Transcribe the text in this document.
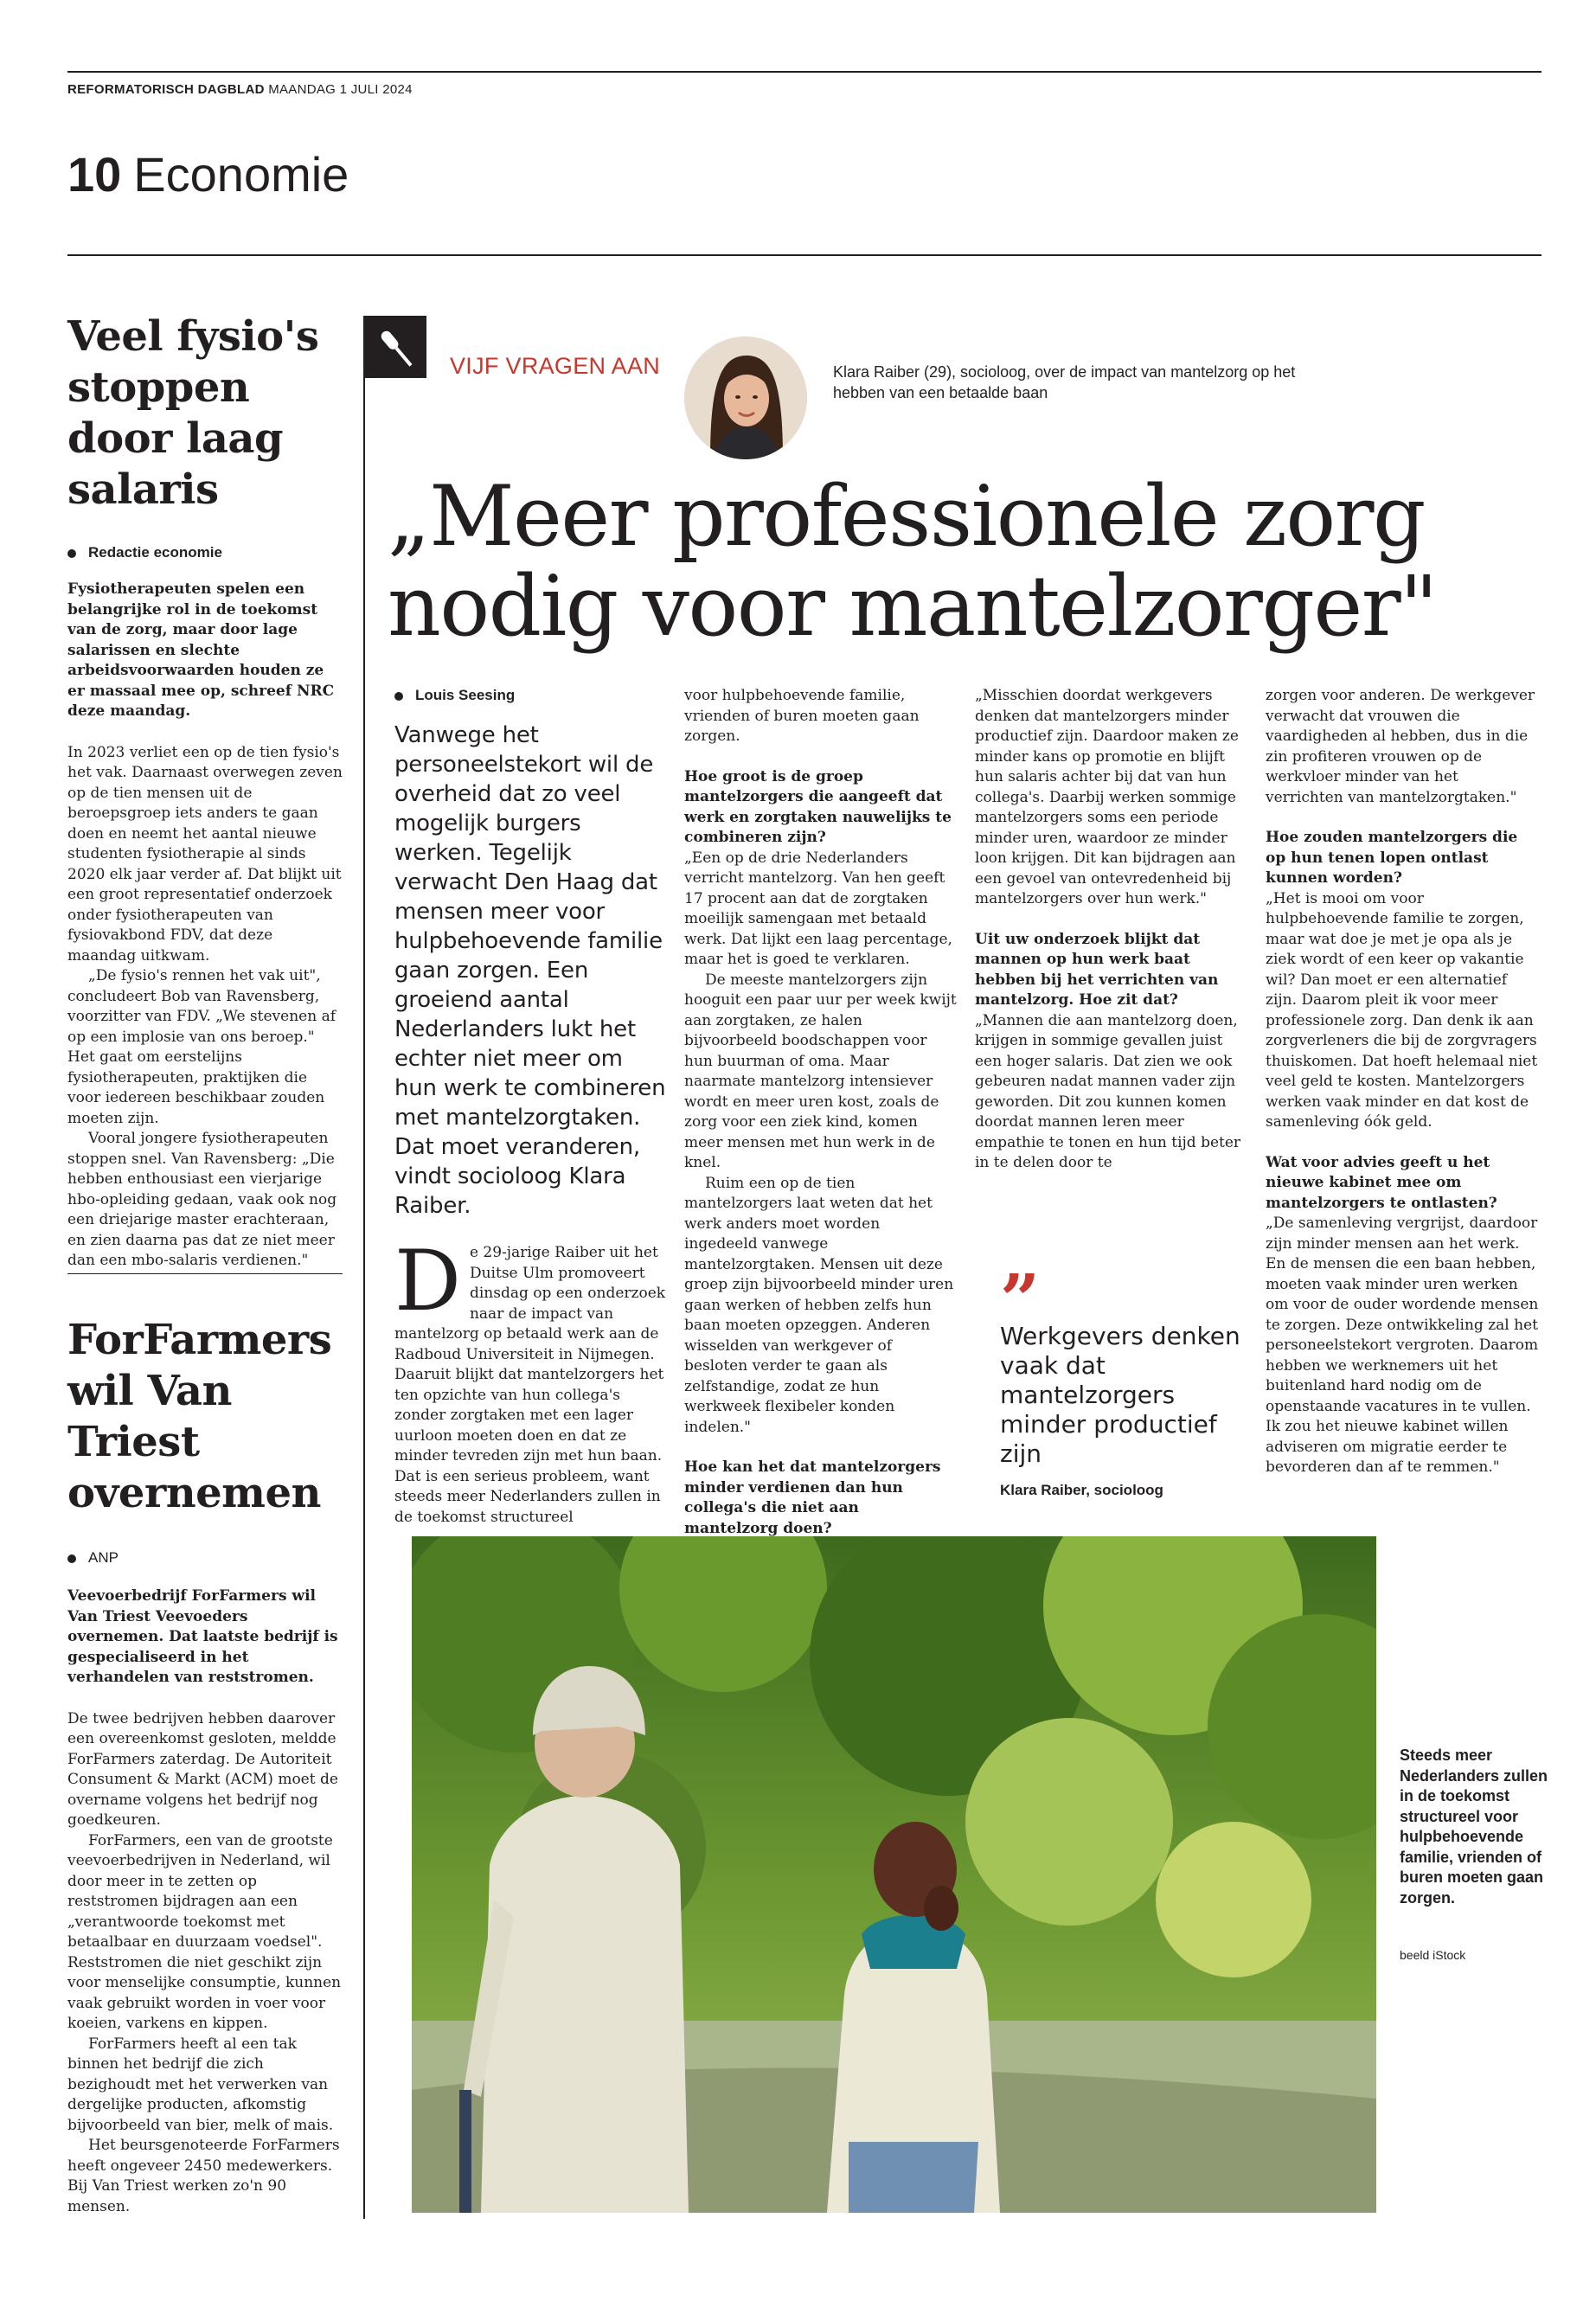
REFORMATORISCH DAGBLAD MAANDAG 1 JULI 2024
10 Economie
Veel fysio's stoppen door laag salaris
Redactie economie

Fysiotherapeuten spelen een belangrijke rol in de toekomst van de zorg, maar door lage salarissen en slechte arbeidsvoorwaarden houden ze er massaal mee op, schreef NRC deze maandag.

In 2023 verliet een op de tien fysio's het vak. Daarnaast overwegen zeven op de tien mensen uit de beroepsgroep iets anders te gaan doen en neemt het aantal nieuwe studenten fysiotherapie al sinds 2020 elk jaar verder af. Dat blijkt uit een groot representatief onderzoek onder fysiotherapeuten van fysiovakbond FDV, dat deze maandag uitkwam.

„De fysio's rennen het vak uit", concludeert Bob van Ravensberg, voorzitter van FDV. „We stevenen af op een implosie van ons beroep." Het gaat om eerstelijns fysiotherapeuten, praktijken die voor iedereen beschikbaar zouden moeten zijn.

Vooral jongere fysiotherapeuten stoppen snel. Van Ravensberg: „Die hebben enthousiast een vierjarige hbo-opleiding gedaan, vaak ook nog een driejarige master erachteraan, en zien daarna pas dat ze niet meer dan een mbo-salaris verdienen."

ForFarmers wil Van Triest overnemen
ANP

Veevoerbedrijf ForFarmers wil Van Triest Veevoeders overnemen. Dat laatste bedrijf is gespecialiseerd in het verhandelen van reststromen.

De twee bedrijven hebben daarover een overeenkomst gesloten, meldde ForFarmers zaterdag. De Autoriteit Consument & Markt (ACM) moet de overname volgens het bedrijf nog goedkeuren.

ForFarmers, een van de grootste veevoerbedrijven in Nederland, wil door meer in te zetten op reststromen bijdragen aan een „verantwoorde toekomst met betaalbaar en duurzaam voedsel". Reststromen die niet geschikt zijn voor menselijke consumptie, kunnen vaak gebruikt worden in voer voor koeien, varkens en kippen.

ForFarmers heeft al een tak binnen het bedrijf die zich bezighoudt met het verwerken van dergelijke producten, afkomstig bijvoorbeeld van bier, melk of mais.

Het beursgenoteerde ForFarmers heeft ongeveer 2450 medewerkers. Bij Van Triest werken zo'n 90 mensen.

VIJF VRAGEN AAN	Klara Raiber (29), socioloog, over de impact van mantelzorg op het hebben van een betaalde baan
„Meer professionele zorg nodig voor mantelzorger"
Louis Seesing

Vanwege het personeelstekort wil de overheid dat zo veel mogelijk burgers werken. Tegelijk verwacht Den Haag dat mensen meer voor hulpbehoevende familie gaan zorgen. Een groeiend aantal Nederlanders lukt het echter niet meer om hun werk te combineren met mantelzorgtaken. Dat moet veranderen, vindt socioloog Klara Raiber.

De 29-jarige Raiber uit het Duitse Ulm promoveert dinsdag op een onderzoek naar de impact van mantelzorg op betaald werk aan de Radboud Universiteit in Nijmegen. Daaruit blijkt dat mantelzorgers het ten opzichte van hun collega's zonder zorgtaken met een lager uurloon moeten doen en dat ze minder tevreden zijn met hun baan. Dat is een serieus probleem, want steeds meer Nederlanders zullen in de toekomst structureel

voor hulpbehoevende familie, vrienden of buren moeten gaan zorgen.

Hoe groot is de groep mantelzorgers die aangeeft dat werk en zorgtaken nauwelijks te combineren zijn?

„Een op de drie Nederlanders verricht mantelzorg. Van hen geeft 17 procent aan dat de zorgtaken moeilijk samengaan met betaald werk. Dat lijkt een laag percentage, maar het is goed te verklaren.

De meeste mantelzorgers zijn hooguit een paar uur per week kwijt aan zorgtaken, ze halen bijvoorbeeld boodschappen voor hun buurman of oma. Maar naarmate mantelzorg intensiever wordt en meer uren kost, zoals de zorg voor een ziek kind, komen meer mensen met hun werk in de knel.

Ruim een op de tien mantelzorgers laat weten dat het werk anders moet worden ingedeeld vanwege mantelzorgtaken. Mensen uit deze groep zijn bijvoorbeeld minder uren gaan werken of hebben zelfs hun baan moeten opzeggen. Anderen wisselden van werkgever of besloten verder te gaan als zelfstandige, zodat ze hun werkweek flexibeler konden indelen."

Hoe kan het dat mantelzorgers minder verdienen dan hun collega's die niet aan mantelzorg doen?

„Misschien doordat werkgevers denken dat mantelzorgers minder productief zijn. Daardoor maken ze minder kans op promotie en blijft hun salaris achter bij dat van hun collega's. Daarbij werken sommige mantelzorgers soms een periode minder uren, waardoor ze minder loon krijgen. Dit kan bijdragen aan een gevoel van ontevredenheid bij mantelzorgers over hun werk."

Uit uw onderzoek blijkt dat mannen op hun werk baat hebben bij het verrichten van mantelzorg. Hoe zit dat?

„Mannen die aan mantelzorg doen, krijgen in sommige gevallen juist een hoger salaris. Dat zien we ook gebeuren nadat mannen vader zijn geworden. Dit zou kunnen komen doordat mannen leren meer empathie te tonen en hun tijd beter in te delen door te

”

Werkgevers denken vaak dat mantelzorgers minder productief zijn

Klara Raiber, socioloog

zorgen voor anderen. De werkgever verwacht dat vrouwen die vaardigheden al hebben, dus in die zin profiteren vrouwen op de werkvloer minder van het verrichten van mantelzorgtaken."

Hoe zouden mantelzorgers die op hun tenen lopen ontlast kunnen worden?

„Het is mooi om voor hulpbehoevende familie te zorgen, maar wat doe je met je opa als je ziek wordt of een keer op vakantie wil? Dan moet er een alternatief zijn. Daarom pleit ik voor meer professionele zorg. Dan denk ik aan zorgverleners die bij de zorgvragers thuiskomen. Dat hoeft helemaal niet veel geld te kosten. Mantelzorgers werken vaak minder en dat kost de samenleving óók geld.

Wat voor advies geeft u het nieuwe kabinet mee om mantelzorgers te ontlasten?

„De samenleving vergrijst, daardoor zijn minder mensen aan het werk. En de mensen die een baan hebben, moeten vaak minder uren werken om voor de ouder wordende mensen te zorgen. Deze ontwikkeling zal het personeelstekort vergroten. Daarom hebben we werknemers uit het buitenland hard nodig om de openstaande vacatures in te vullen. Ik zou het nieuwe kabinet willen adviseren om migratie eerder te bevorderen dan af te remmen."

Steeds meer Nederlanders zullen in de toekomst structureel voor hulpbehoevende familie, vrienden of buren moeten gaan zorgen.

beeld iStock
